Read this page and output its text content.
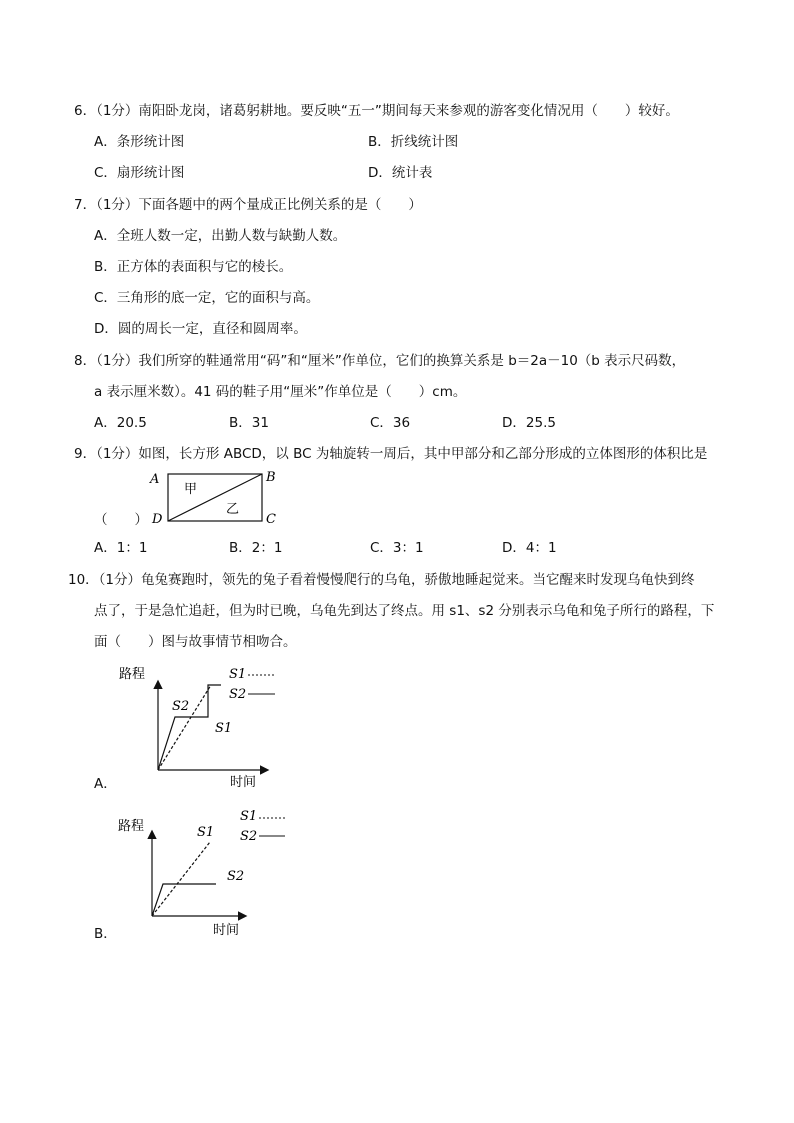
6．（1分）南阳卧龙岗，诸葛躬耕地。要反映“五一”期间每天来参观的游客变化情况用（　　）较好。
A．条形统计图	B．折线统计图
C．扇形统计图	D．统计表
7．（1分）下面各题中的两个量成正比例关系的是（　　）
A．全班人数一定，出勤人数与缺勤人数。
B．正方体的表面积与它的棱长。
C．三角形的底一定，它的面积与高。
D．圆的周长一定，直径和圆周率。
8．（1分）我们所穿的鞋通常用“码”和“厘米”作单位，它们的换算关系是 b＝2a－10（b 表示尺码数，
a 表示厘米数）。41 码的鞋子用“厘米”作单位是（　　）cm。
A．20.5	B．31	C．36	D．25.5
9．（1分）如图，长方形 ABCD，以 BC 为轴旋转一周后，其中甲部分和乙部分形成的立体图形的体积比是
（　　）
A	B
C
D
甲
乙
A．1：1	B．2：1	C．3：1	D．4：1
10．（1分）龟兔赛跑时，领先的兔子看着慢慢爬行的乌龟，骄傲地睡起觉来。当它醒来时发现乌龟快到终
点了，于是急忙追赶，但为时已晚，乌龟先到达了终点。用 s1、s2 分别表示乌龟和兔子所行的路程，下
面（　　）图与故事情节相吻合。
路程
时间
S2
S1
S1
S2
A．
路程
时间
S1
S2
S1
S2
B．
